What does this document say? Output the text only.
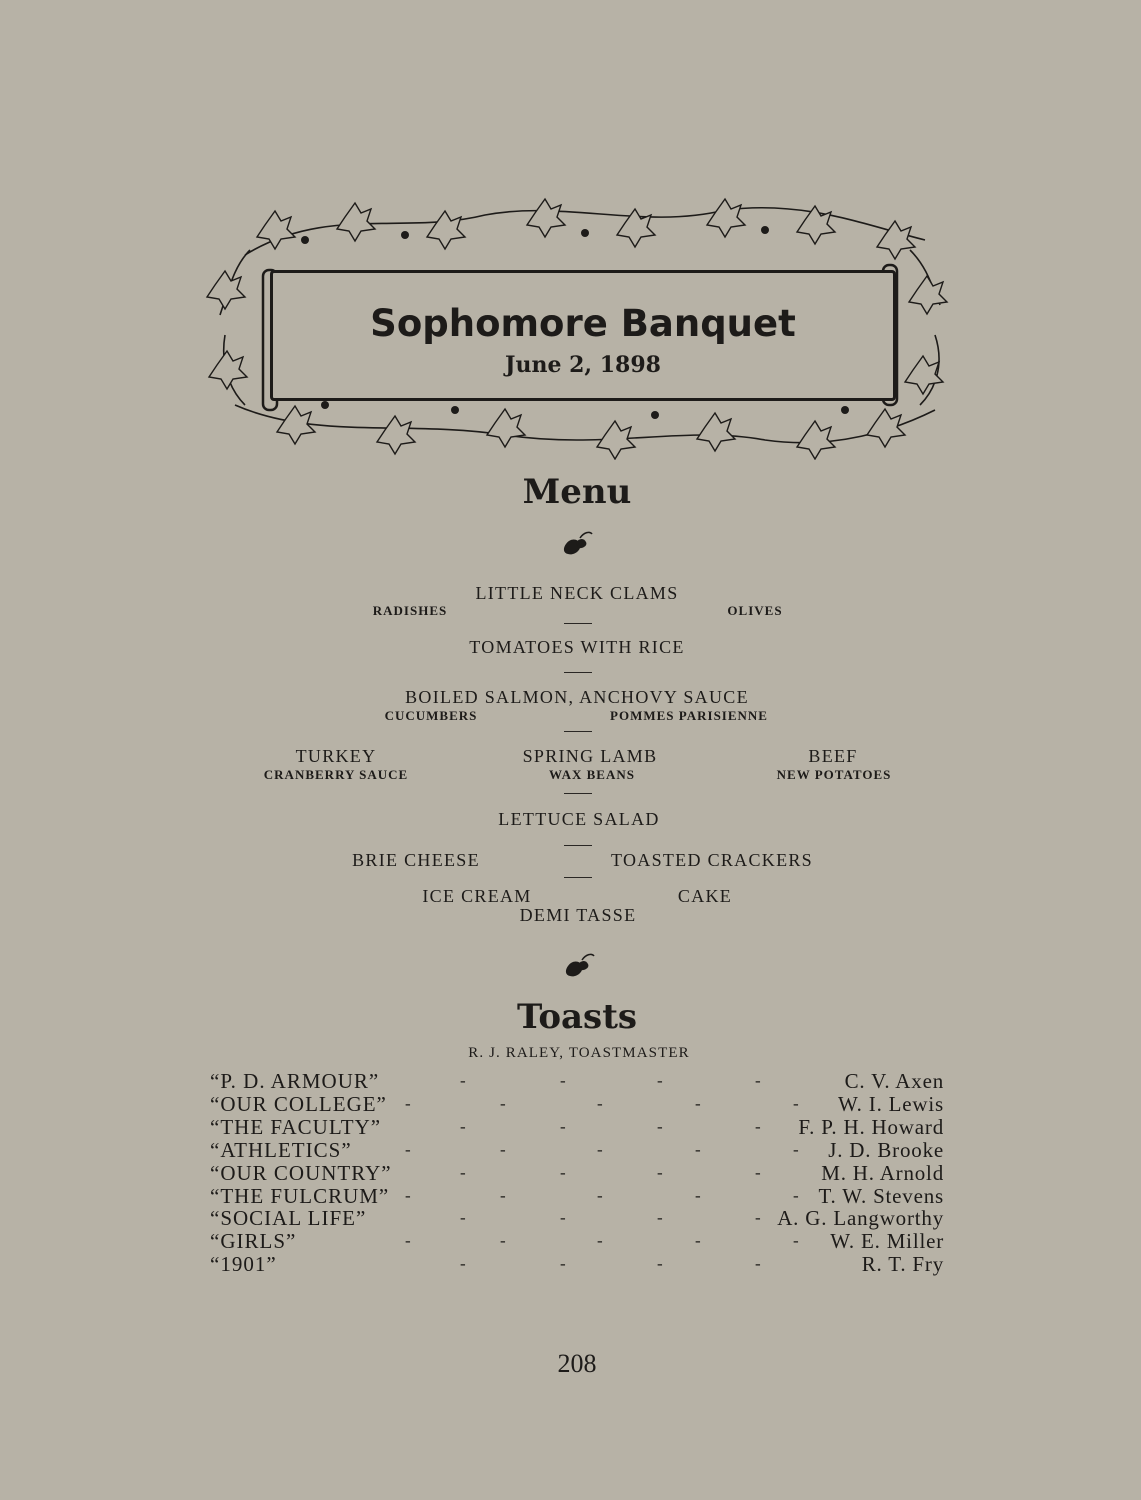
Sophomore Banquet
June 2, 1898
Menu
LITTLE NECK CLAMS
RADISHES	OLIVES
TOMATOES WITH RICE
BOILED SALMON, ANCHOVY SAUCE
CUCUMBERS	POMMES PARISIENNE
TURKEY
CRANBERRY SAUCE
SPRING LAMB
WAX BEANS
BEEF
NEW POTATOES
LETTUCE SALAD
BRIE CHEESE	TOASTED CRACKERS
ICE CREAM	CAKE
DEMI TASSE
Toasts
R. J. RALEY, TOASTMASTER
“P. D. ARMOUR”	-	-	-	-	C. V. Axen
“OUR COLLEGE” -	-	-	-	- W. I. Lewis
“THE FACULTY”	-	-	-	- F. P. H. Howard
“ATHLETICS”	-	-	-	-	- J. D. Brooke
“OUR COUNTRY”	-	-	-	-	M. H. Arnold
“THE FULCRUM” -	-	-	-	- T. W. Stevens
“SOCIAL LIFE”	-	-	-	- A. G. Langworthy
“GIRLS”	-	-	-	-	- W. E. Miller
“1901”	-	-	-	-	R. T. Fry
208
